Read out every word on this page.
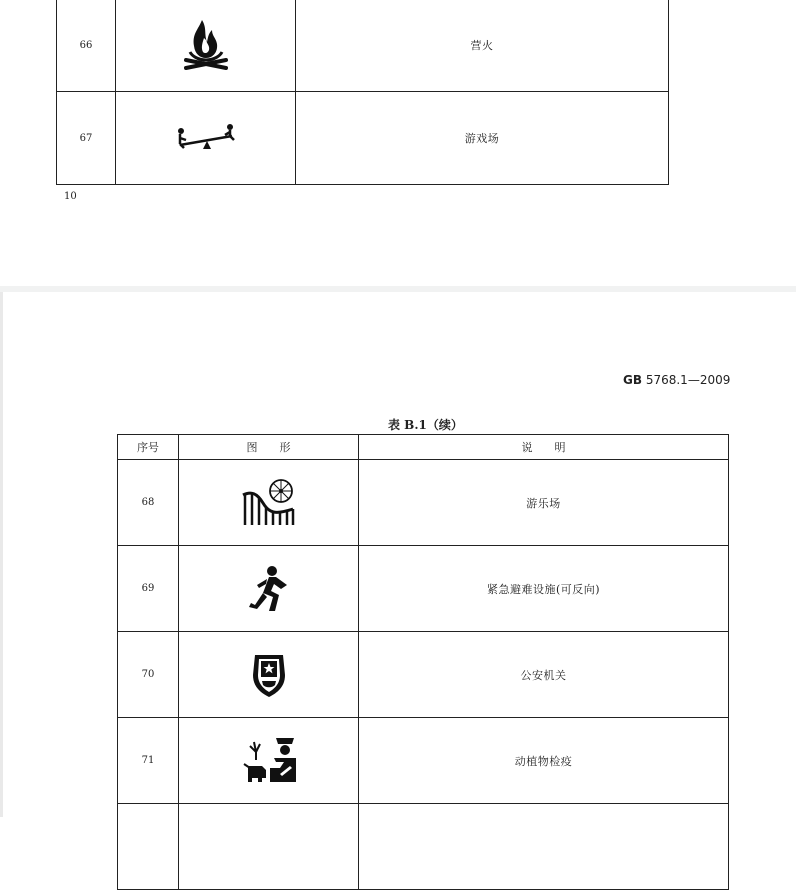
66		营火
67		游戏场
10
GB 5768.1—2009
表 B.1（续）
序号	图　　形	说　　明
68		游乐场
69		紧急避难设施(可反向)
70		公安机关
71		动植物检疫
